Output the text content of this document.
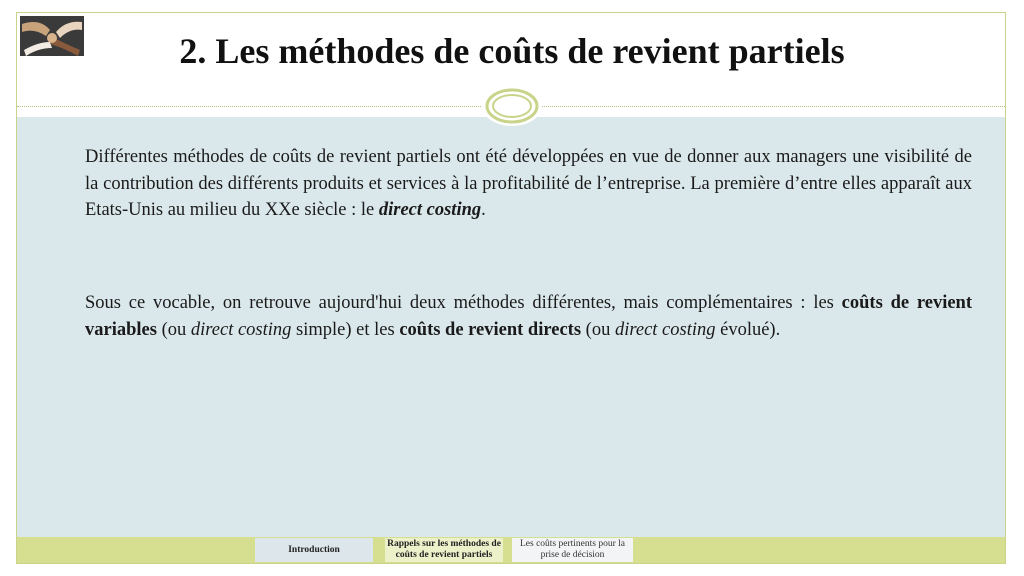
2. Les méthodes de coûts de revient partiels

Différentes méthodes de coûts de revient partiels ont été développées en vue de donner aux managers une visibilité de la contribution des différents produits et services à la profitabilité de l’entreprise. La première d’entre elles apparaît aux Etats-Unis au milieu du XXe siècle : le direct costing.

Sous ce vocable, on retrouve aujourd'hui deux méthodes différentes, mais complémentaires : les coûts de revient variables (ou direct costing simple) et les coûts de revient directs (ou direct costing évolué).

Introduction
Rappels sur les méthodes de coûts de revient partiels
Les coûts pertinents pour la prise de décision
